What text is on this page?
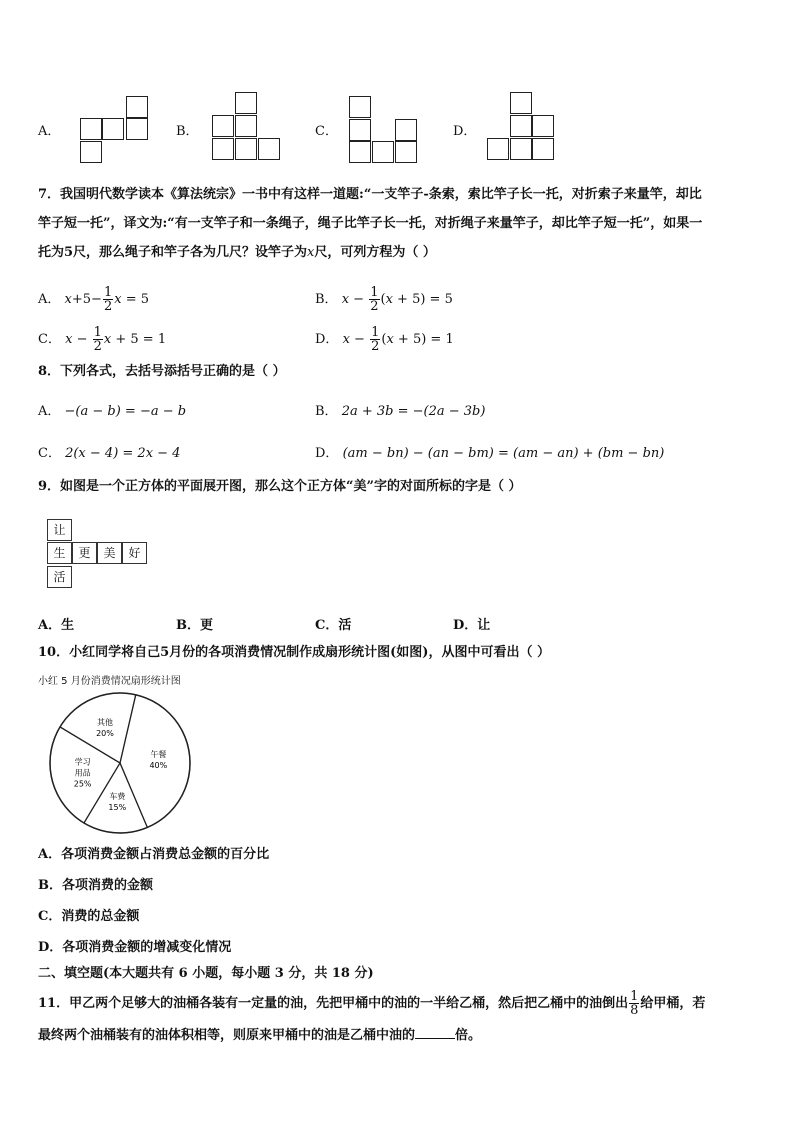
A．	B．	C．	D．
7．我国明代数学读本《算法统宗》一书中有这样一道题:“一支竿子-条索，索比竿子长一托，对折索子来量竿，却比
竿子短一托”，译文为:“有一支竿子和一条绳子，绳子比竿子长一托，对折绳子来量竿子，却比竿子短一托”，如果一
托为5尺，那么绳子和竿子各为几尺？设竿子为x尺，可列方程为（ ）
A． $x+5- \frac{1}{2}$ x = 5	B． $x - \frac{1}{2} (x + 5) = 5$
C． $x - \frac{1}{2}$ x + 5 = 1	D． $x - \frac{1}{2} (x + 5) = 1$
8．下列各式，去括号添括号正确的是（ ）
A． −(a − b) = −a − b	B． 2a + 3b = −(2a − 3b)
C． 2(x − 4) = 2x − 4	D． (am − bn) − (an − bm) = (am − an) + (bm − bn)
9．如图是一个正方体的平面展开图，那么这个正方体“美”字的对面所标的字是（ ）
让
生	更	美	好
活
A．生	B．更	C．活	D．让
10．小红同学将自己5月份的各项消费情况制作成扇形统计图(如图)，从图中可看出（ ）
小红 5 月份消费情况扇形统计图
午餐
40%
车费
15%
学习
用品
25%
其他
20%
A．各项消费金额占消费总金额的百分比
B．各项消费的金额
C．消费的总金额
D．各项消费金额的增减变化情况
二、填空题(本大题共有 6 小题，每小题 3 分，共 18 分)
11．甲乙两个足够大的油桶各装有一定量的油，先把甲桶中的油的一半给乙桶，然后把乙桶中的油倒出 $\frac{1}{8}$ 给甲桶，若
最终两个油桶装有的油体积相等，则原来甲桶中的油是乙桶中油的	倍。
